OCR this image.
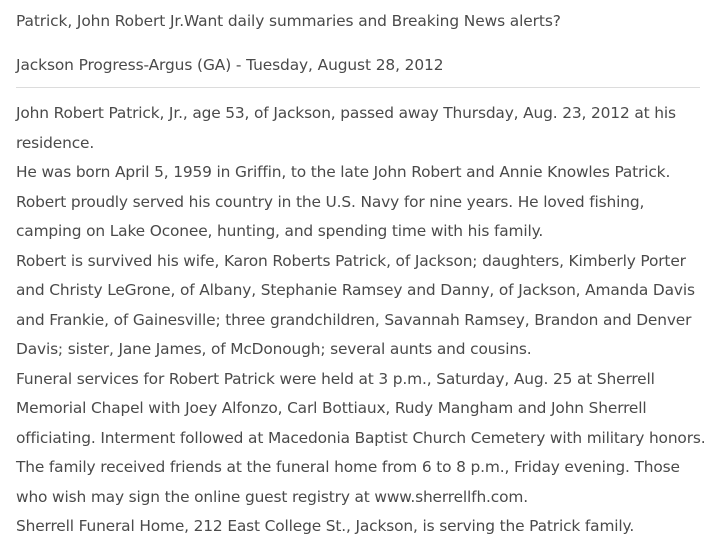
Patrick, John Robert Jr.Want daily summaries and Breaking News alerts?
Jackson Progress-Argus (GA) - Tuesday, August 28, 2012

John Robert Patrick, Jr., age 53, of Jackson, passed away Thursday, Aug. 23, 2012 at his residence.

He was born April 5, 1959 in Griffin, to the late John Robert and Annie Knowles Patrick.

Robert proudly served his country in the U.S. Navy for nine years. He loved fishing, camping on Lake Oconee, hunting, and spending time with his family.

Robert is survived his wife, Karon Roberts Patrick, of Jackson; daughters, Kimberly Porter and Christy LeGrone, of Albany, Stephanie Ramsey and Danny, of Jackson, Amanda Davis and Frankie, of Gainesville; three grandchildren, Savannah Ramsey, Brandon and Denver Davis; sister, Jane James, of McDonough; several aunts and cousins.

Funeral services for Robert Patrick were held at 3 p.m., Saturday, Aug. 25 at Sherrell Memorial Chapel with Joey Alfonzo, Carl Bottiaux, Rudy Mangham and John Sherrell officiating. Interment followed at Macedonia Baptist Church Cemetery with military honors.

The family received friends at the funeral home from 6 to 8 p.m., Friday evening. Those who wish may sign the online guest registry at www.sherrellfh.com.

Sherrell Funeral Home, 212 East College St., Jackson, is serving the Patrick family.
